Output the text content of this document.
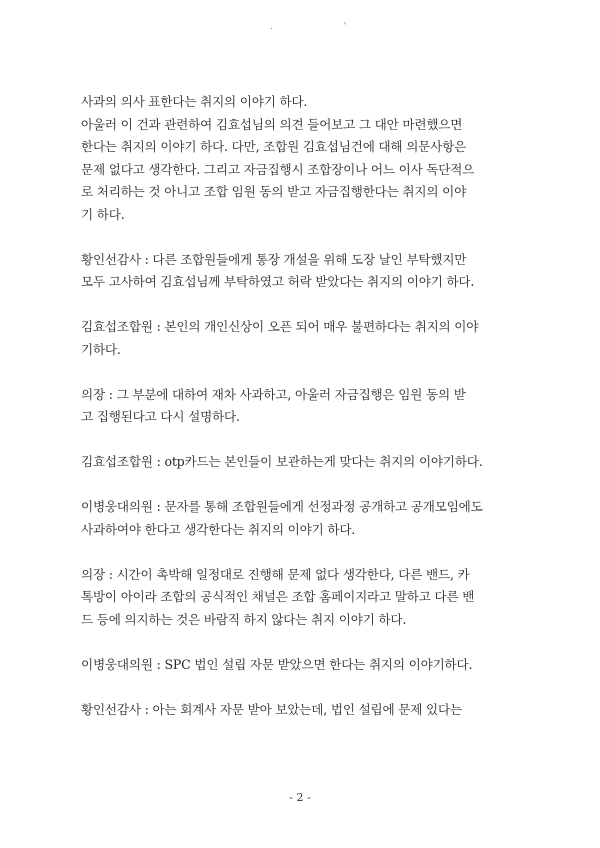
. '

사과의 의사 표한다는 취지의 이야기 하다.
아울러 이 건과 관련하여 김효섭님의 의견 들어보고 그 대안 마련했으면
한다는 취지의 이야기 하다. 다만, 조합원 김효섭님건에 대해 의문사항은
문제 없다고 생각한다. 그리고 자금집행시 조합장이나 어느 이사 독단적으
로 처리하는 것 아니고 조합 임원 동의 받고 자금집행한다는 취지의 이야
기 하다.

황인선감사 : 다른 조합원들에게 통장 개설을 위해 도장 날인 부탁했지만
모두 고사하여 김효섭님께 부탁하였고 허락 받았다는 취지의 이야기 하다.

김효섭조합원 : 본인의 개인신상이 오픈 되어 매우 불편하다는 취지의 이야
기하다.

의장 : 그 부분에 대하여 재차 사과하고, 아울러 자금집행은 임원 동의 받
고 집행된다고 다시 설명하다.

김효섭조합원 : otp카드는 본인들이 보관하는게 맞다는 취지의 이야기하다.

이병웅대의원 : 문자를 통해 조합원들에게 선정과정 공개하고 공개모임에도
사과하여야 한다고 생각한다는 취지의 이야기 하다.

의장 : 시간이 촉박해 일정대로 진행해 문제 없다 생각한다, 다른 밴드, 카
톡방이 아이라 조합의 공식적인 채널은 조합 홈페이지라고 말하고 다른 밴
드 등에 의지하는 것은 바람직 하지 않다는 취지 이야기 하다.

이병웅대의원 : SPC 법인 설립 자문 받았으면 한다는 취지의 이야기하다.

황인선감사 : 아는 회계사 자문 받아 보았는데, 법인 설립에 문제 있다는

- 2 -
